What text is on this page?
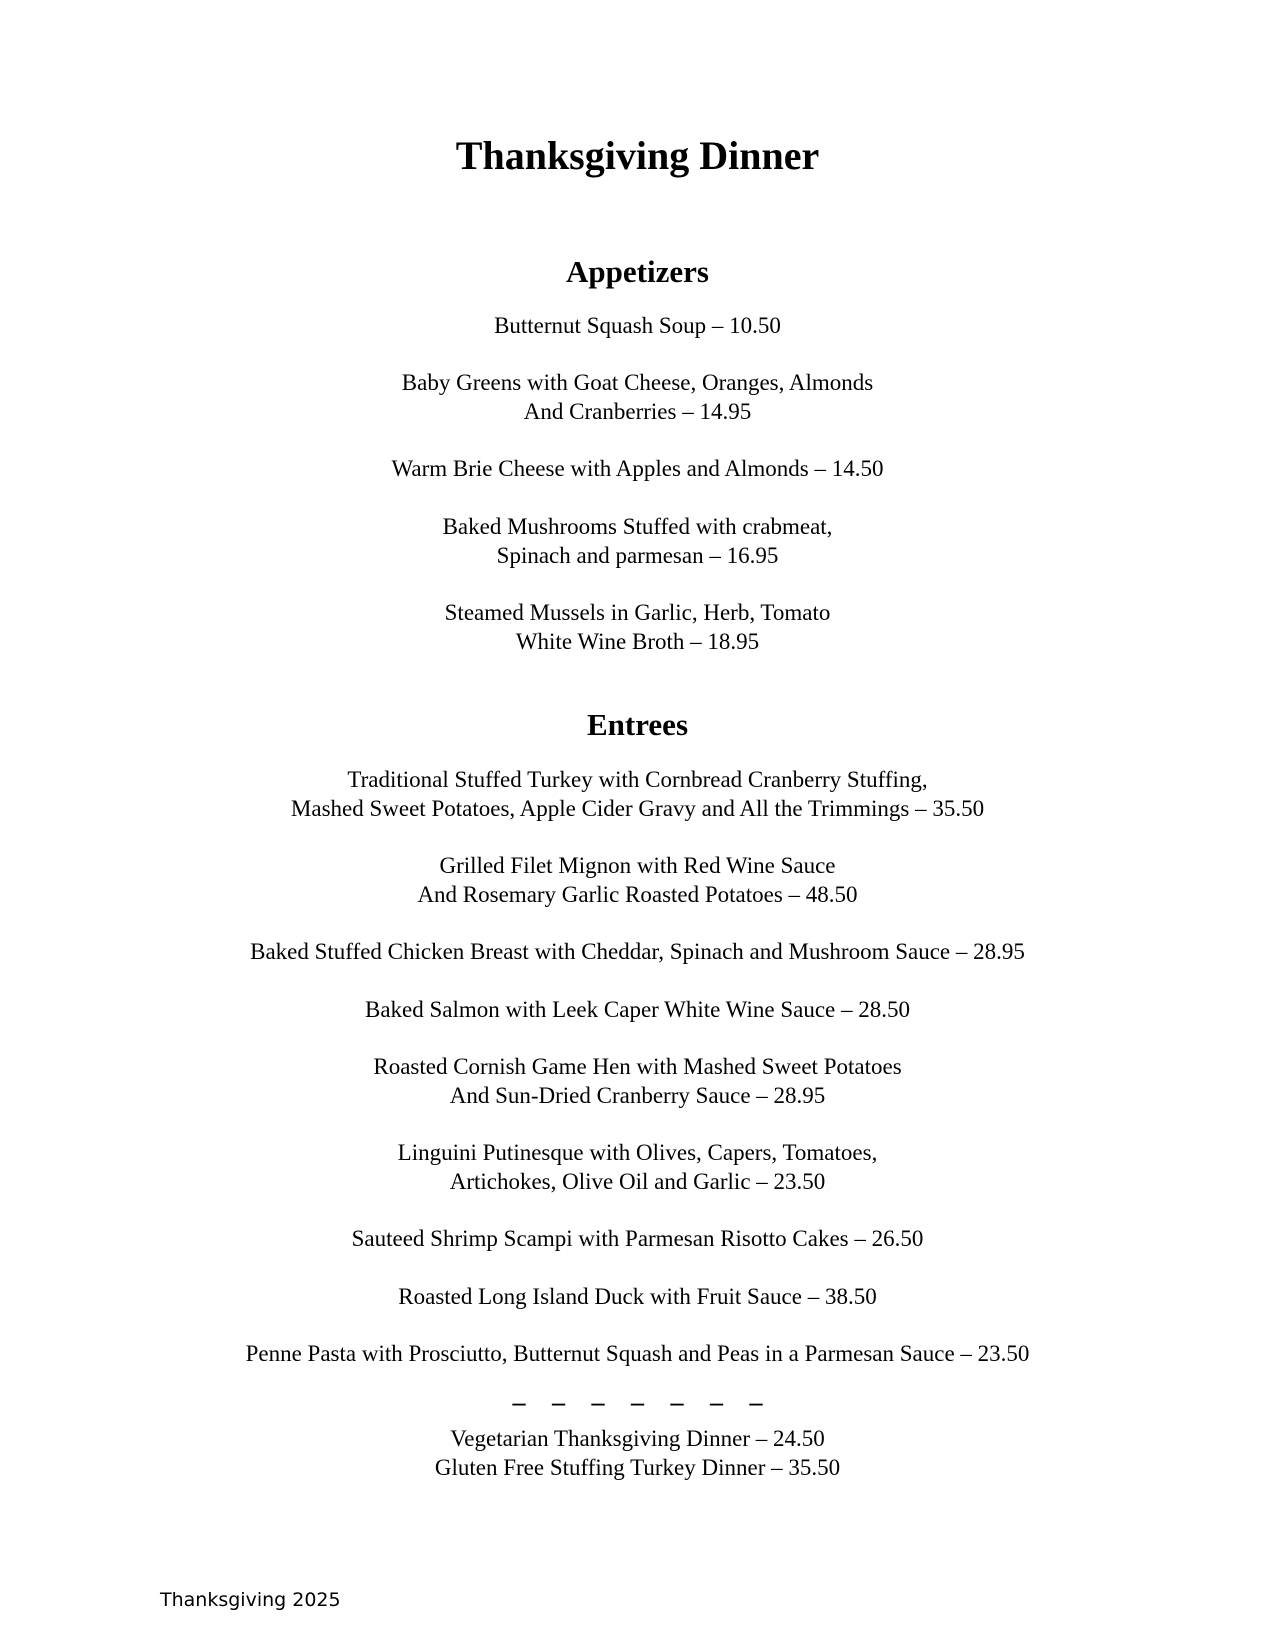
Thanksgiving Dinner
Appetizers
Butternut Squash Soup – 10.50
Baby Greens with Goat Cheese, Oranges, Almonds
And Cranberries – 14.95
Warm Brie Cheese with Apples and Almonds – 14.50
Baked Mushrooms Stuffed with crabmeat,
Spinach and parmesan – 16.95
Steamed Mussels in Garlic, Herb, Tomato
White Wine Broth – 18.95
Entrees
Traditional Stuffed Turkey with Cornbread Cranberry Stuffing,
Mashed Sweet Potatoes, Apple Cider Gravy and All the Trimmings – 35.50
Grilled Filet Mignon with Red Wine Sauce
And Rosemary Garlic Roasted Potatoes – 48.50
Baked Stuffed Chicken Breast with Cheddar, Spinach and Mushroom Sauce – 28.95
Baked Salmon with Leek Caper White Wine Sauce – 28.50
Roasted Cornish Game Hen with Mashed Sweet Potatoes
And Sun-Dried Cranberry Sauce – 28.95
Linguini Putinesque with Olives, Capers, Tomatoes,
Artichokes, Olive Oil and Garlic – 23.50
Sauteed Shrimp Scampi with Parmesan Risotto Cakes – 26.50
Roasted Long Island Duck with Fruit Sauce – 38.50
Penne Pasta with Prosciutto, Butternut Squash and Peas in a Parmesan Sauce – 23.50
– – – – – – –
Vegetarian Thanksgiving Dinner – 24.50
Gluten Free Stuffing Turkey Dinner – 35.50
Thanksgiving 2025
